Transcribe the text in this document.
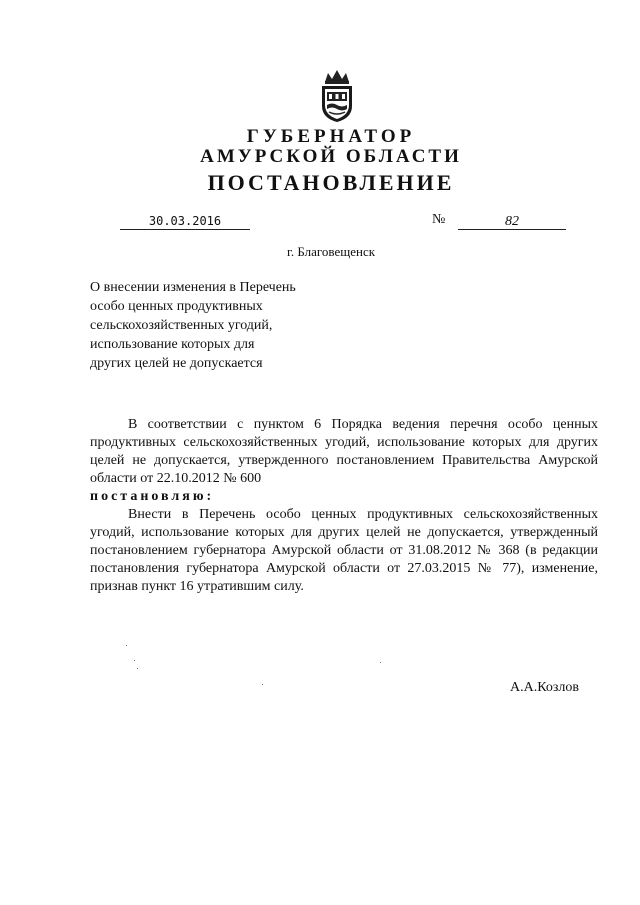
ГУБЕРНАТОР
АМУРСКОЙ ОБЛАСТИ
ПОСТАНОВЛЕНИЕ
30.03.2016	№	82
г. Благовещенск
О внесении изменения в Перечень
особо ценных продуктивных
сельскохозяйственных угодий,
использование которых для
других целей не допускается

В соответствии с пунктом 6 Порядка ведения перечня особо ценных продуктивных сельскохозяйственных угодий, использование которых для других целей не допускается, утвержденного постановлением Правительства Амурской области от 22.10.2012 № 600

постановляю:

Внести в Перечень особо ценных продуктивных сельскохозяйственных угодий, использование которых для других целей не допускается, утвержденный постановлением губернатора Амурской области от 31.08.2012 № 368 (в редакции постановления губернатора Амурской области от 27.03.2015 № 77), изменение, признав пункт 16 утратившим силу.

А.А.Козлов
